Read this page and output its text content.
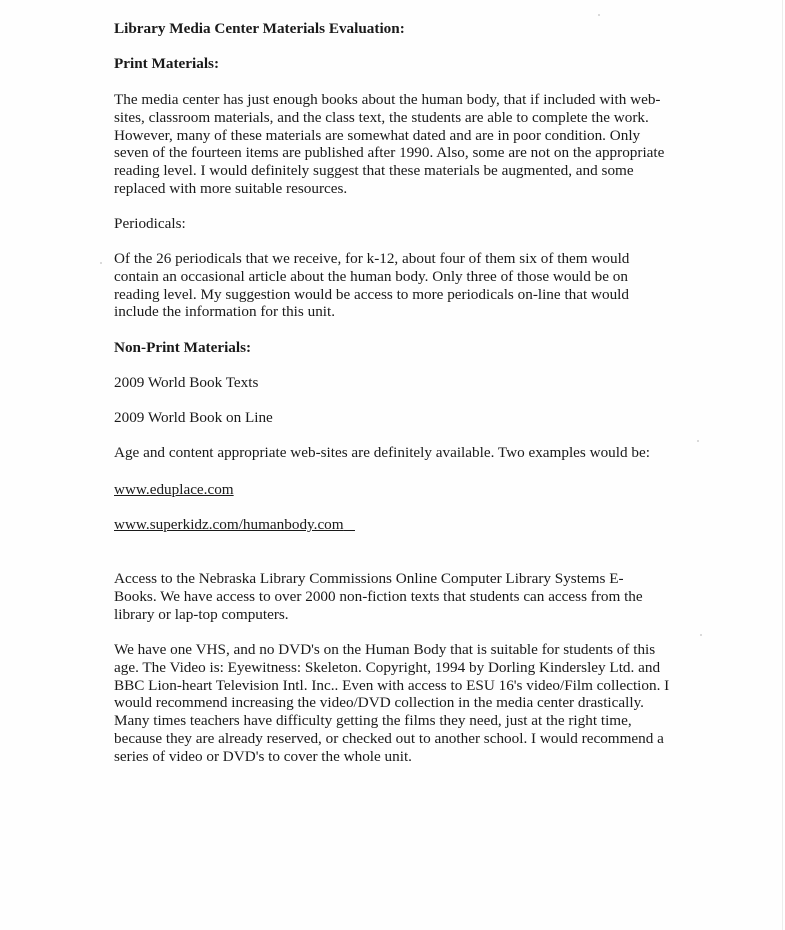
Library Media Center Materials Evaluation:

Print Materials:

The media center has just enough books about the human body, that if included with web-sites, classroom materials, and the class text, the students are able to complete the work. However, many of these materials are somewhat dated and are in poor condition. Only seven of the fourteen items are published after 1990. Also, some are not on the appropriate reading level. I would definitely suggest that these materials be augmented, and some replaced with more suitable resources.

Periodicals:

Of the 26 periodicals that we receive, for k-12, about four of them six of them would contain an occasional article about the human body. Only three of those would be on reading level. My suggestion would be access to more periodicals on-line that would include the information for this unit.

Non-Print Materials:

2009 World Book Texts

2009 World Book on Line

Age and content appropriate web-sites are definitely available. Two examples would be:

www.eduplace.com

www.superkidz.com/humanbody.com

Access to the Nebraska Library Commissions Online Computer Library Systems E-Books. We have access to over 2000 non-fiction texts that students can access from the library or lap-top computers.

We have one VHS, and no DVD's on the Human Body that is suitable for students of this age. The Video is: Eyewitness: Skeleton. Copyright, 1994 by Dorling Kindersley Ltd. and BBC Lion-heart Television Intl. Inc.. Even with access to ESU 16's video/Film collection. I would recommend increasing the video/DVD collection in the media center drastically. Many times teachers have difficulty getting the films they need, just at the right time, because they are already reserved, or checked out to another school. I would recommend a series of video or DVD's to cover the whole unit.
